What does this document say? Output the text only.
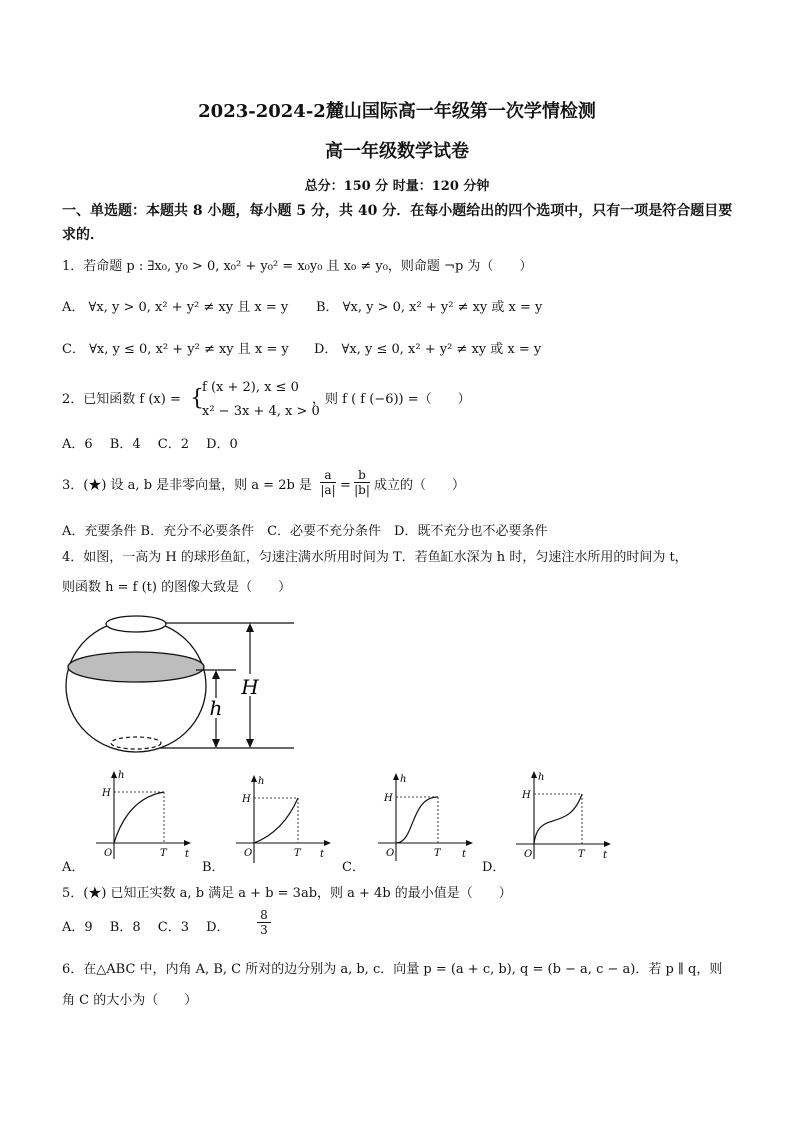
2023-2024-2麓山国际高一年级第一次学情检测
高一年级数学试卷
总分：150 分 时量：120 分钟
一、单选题：本题共 8 小题，每小题 5 分，共 40 分．在每小题给出的四个选项中，只有一项是符合题目要求的．
1．若命题 p : ∃x₀, y₀ > 0, x₀² + y₀² = x₀y₀ 且 x₀ ≠ y₀，则命题 ¬p 为（　　）
A． ∀x, y > 0, x² + y² ≠ xy 且 x = y B． ∀x, y > 0, x² + y² ≠ xy 或 x = y
C． ∀x, y ≤ 0, x² + y² ≠ xy 且 x = y D． ∀x, y ≤ 0, x² + y² ≠ xy 或 x = y
2．已知函数 f (x) = {
f (x + 2), x ≤ 0
x² − 3x + 4, x > 0
，则 f ( f (−6)) =（　　）
A．6　 B．4　 C．2　 D．0
3．(★) 设 a, b 是非零向量，则 a = 2b 是 $\frac{a}{|a|} = \frac{b}{|b|}$ 成立的（　　）
A．充要条件 B．充分不必要条件　C．必要不充分条件　D．既不充分也不必要条件
4．如图，一高为 H 的球形鱼缸，匀速注满水所用时间为 T．若鱼缸水深为 h 时，匀速注水所用的时间为 t，
则函数 h = f (t) 的图像大致是（　　）
H
h
h
H
O	T t
h
H
O	T t
h
H
O	T t
h
H
O	T t
A．	B．	C．	D．
5．(★) 已知正实数 a, b 满足 a + b = 3ab，则 a + 4b 的最小值是（　　）
A．9　 B．8　 C．3　 D． $\frac{8}{3}$
6．在△ABC 中，内角 A, B, C 所对的边分别为 a, b, c．向量 p = (a + c, b), q = (b − a, c − a)．若 p ∥ q，则
角 C 的大小为（　　）
